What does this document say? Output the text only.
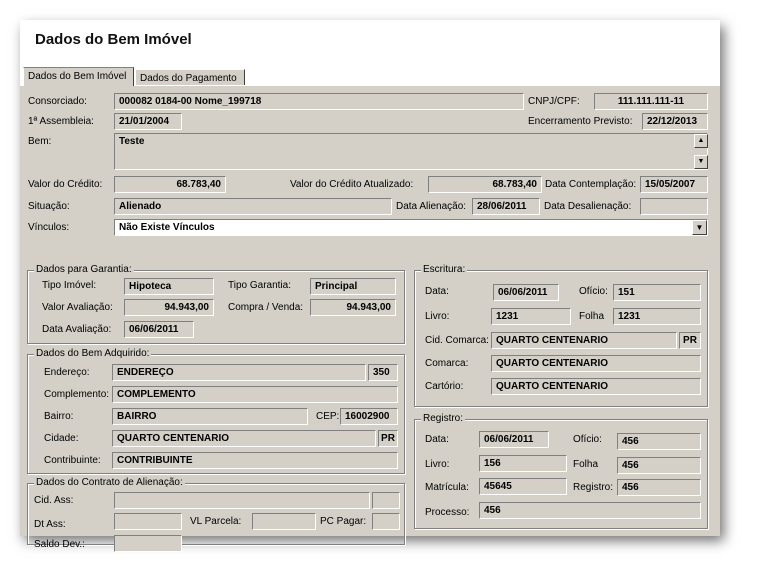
Dados do Bem Imóvel
Dados do Bem Imóvel	Dados do Pagamento
Consorciado:	000082 0184-00 Nome_199718	CNPJ/CPF:	111.111.111-11
1ª Assembleia:	21/01/2004	Encerramento Previsto:	22/12/2013
Bem:	Teste	▲
▼
Valor do Crédito:	68.783,40	Valor do Crédito Atualizado:	68.783,40 Data Contemplação: 15/05/2007
Situação:	Alienado	Data Alienação:	28/06/2011	Data Desalienação:
Vínculos:	Não Existe Vínculos	▼
Dados para Garantia:
Tipo Imóvel:	Hipoteca	Tipo Garantia:	Principal
Valor Avaliação:	94.943,00	Compra / Venda:	94.943,00
Data Avaliação:	06/06/2011
Dados do Bem Adquirido:
Endereço:	ENDEREÇO	350
Complemento: COMPLEMENTO
Bairro:	BAIRRO	CEP: 16002900
Cidade:	QUARTO CENTENARIO	PR
Contribuinte:	CONTRIBUINTE
Dados do Contrato de Alienação:
Cid. Ass:
Dt Ass:	VL Parcela:	PC Pagar:
Saldo Dev.:
Escritura:
Data:	06/06/2011	Ofício:	151
Livro:	1231	Folha	1231
Cid. Comarca: QUARTO CENTENARIO	PR
Comarca:	QUARTO CENTENARIO
Cartório:	QUARTO CENTENARIO
Registro:
Data:	06/06/2011	Ofício:	456
Livro:	156	Folha	456
Matrícula:	45645	Registro: 456
Processo:	456
